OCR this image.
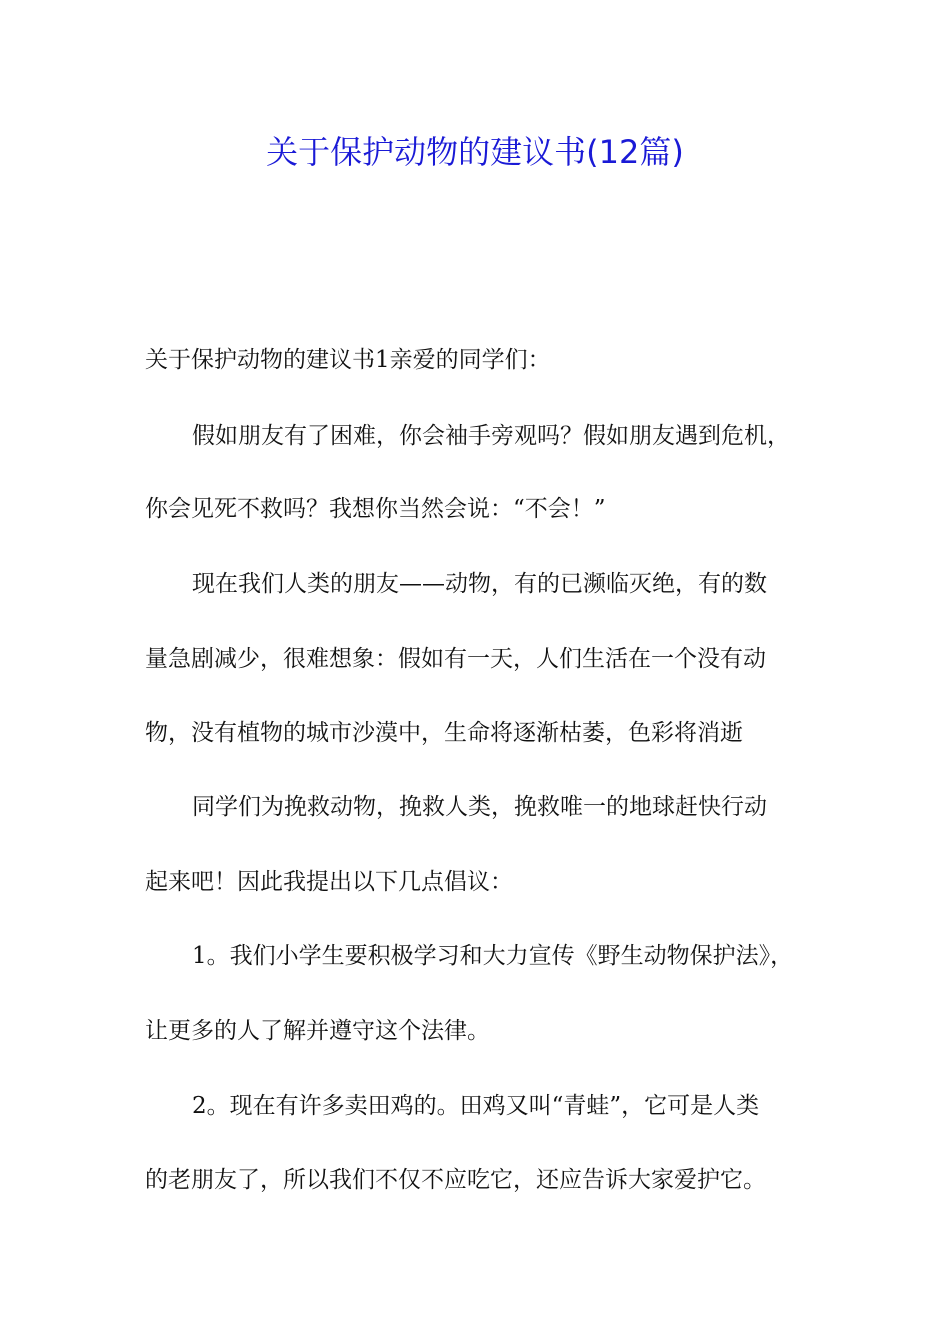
关于保护动物的建议书(12篇)
关于保护动物的建议书1亲爱的同学们：
假如朋友有了困难，你会袖手旁观吗？假如朋友遇到危机，
你会见死不救吗？我想你当然会说：“不会！”
现在我们人类的朋友——动物，有的已濒临灭绝，有的数
量急剧减少，很难想象：假如有一天，人们生活在一个没有动
物，没有植物的城市沙漠中，生命将逐渐枯萎，色彩将消逝
同学们为挽救动物，挽救人类，挽救唯一的地球赶快行动
起来吧！因此我提出以下几点倡议：
1。我们小学生要积极学习和大力宣传《野生动物保护法》，
让更多的人了解并遵守这个法律。
2。现在有许多卖田鸡的。田鸡又叫“青蛙”，它可是人类
的老朋友了，所以我们不仅不应吃它，还应告诉大家爱护它。
